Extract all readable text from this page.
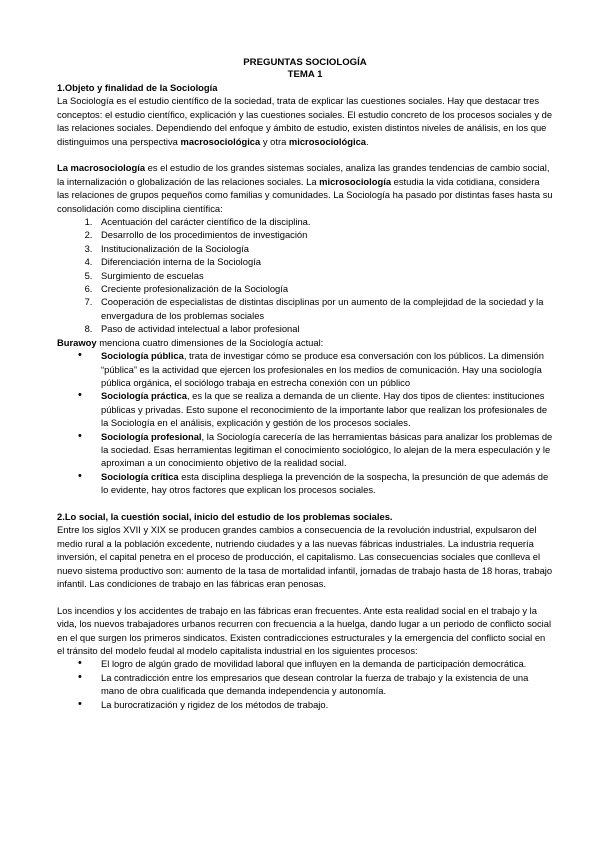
PREGUNTAS SOCIOLOGÍA
TEMA 1

1.Objeto y finalidad de la Sociología

La Sociología es el estudio científico de la sociedad, trata de explicar las cuestiones sociales. Hay que destacar tres conceptos: el estudio científico, explicación y las cuestiones sociales. El estudio concreto de los procesos sociales y de las relaciones sociales. Dependiendo del enfoque y ámbito de estudio, existen distintos niveles de análisis, en los que distinguimos una perspectiva macrosociológica y otra microsociológica.

La macrosociología es el estudio de los grandes sistemas sociales, analiza las grandes tendencias de cambio social, la internalización o globalización de las relaciones sociales. La microsociología estudia la vida cotidiana, considera las relaciones de grupos pequeños como familias y comunidades. La Sociología ha pasado por distintas fases hasta su consolidación como disciplina científica:

1. Acentuación del carácter científico de la disciplina.
2. Desarrollo de los procedimientos de investigación
3. Institucionalización de la Sociología
4. Diferenciación interna de la Sociología
5. Surgimiento de escuelas
6. Creciente profesionalización de la Sociología
7. Cooperación de especialistas de distintas disciplinas por un aumento de la complejidad de la sociedad y la envergadura de los problemas sociales
8. Paso de actividad intelectual a labor profesional

Burawoy menciona cuatro dimensiones de la Sociología actual:

• Sociología pública, trata de investigar cómo se produce esa conversación con los públicos. La dimensión “pública” es la actividad que ejercen los profesionales en los medios de comunicación. Hay una sociología pública orgánica, el sociólogo trabaja en estrecha conexión con un público
• Sociología práctica, es la que se realiza a demanda de un cliente. Hay dos tipos de clientes: instituciones públicas y privadas. Esto supone el reconocimiento de la importante labor que realizan los profesionales de la Sociología en el análisis, explicación y gestión de los procesos sociales.
• Sociología profesional, la Sociología carecería de las herramientas básicas para analizar los problemas de la sociedad. Esas herramientas legitiman el conocimiento sociológico, lo alejan de la mera especulación y le aproximan a un conocimiento objetivo de la realidad social.
• Sociología crítica esta disciplina despliega la prevención de la sospecha, la presunción de que además de lo evidente, hay otros factores que explican los procesos sociales.

2.Lo social, la cuestión social, inicio del estudio de los problemas sociales.

Entre los siglos XVII y XIX se producen grandes cambios a consecuencia de la revolución industrial, expulsaron del medio rural a la población excedente, nutriendo ciudades y a las nuevas fábricas industriales. La industria requería inversión, el capital penetra en el proceso de producción, el capitalismo. Las consecuencias sociales que conlleva el nuevo sistema productivo son: aumento de la tasa de mortalidad infantil, jornadas de trabajo hasta de 18 horas, trabajo infantil. Las condiciones de trabajo en las fábricas eran penosas.

Los incendios y los accidentes de trabajo en las fábricas eran frecuentes. Ante esta realidad social en el trabajo y la vida, los nuevos trabajadores urbanos recurren con frecuencia a la huelga, dando lugar a un periodo de conflicto social en el que surgen los primeros sindicatos. Existen contradicciones estructurales y la emergencia del conflicto social en el tránsito del modelo feudal al modelo capitalista industrial en los siguientes procesos:

• El logro de algún grado de movilidad laboral que influyen en la demanda de participación democrática.
• La contradicción entre los empresarios que desean controlar la fuerza de trabajo y la existencia de una mano de obra cualificada que demanda independencia y autonomía.
• La burocratización y rigidez de los métodos de trabajo.
